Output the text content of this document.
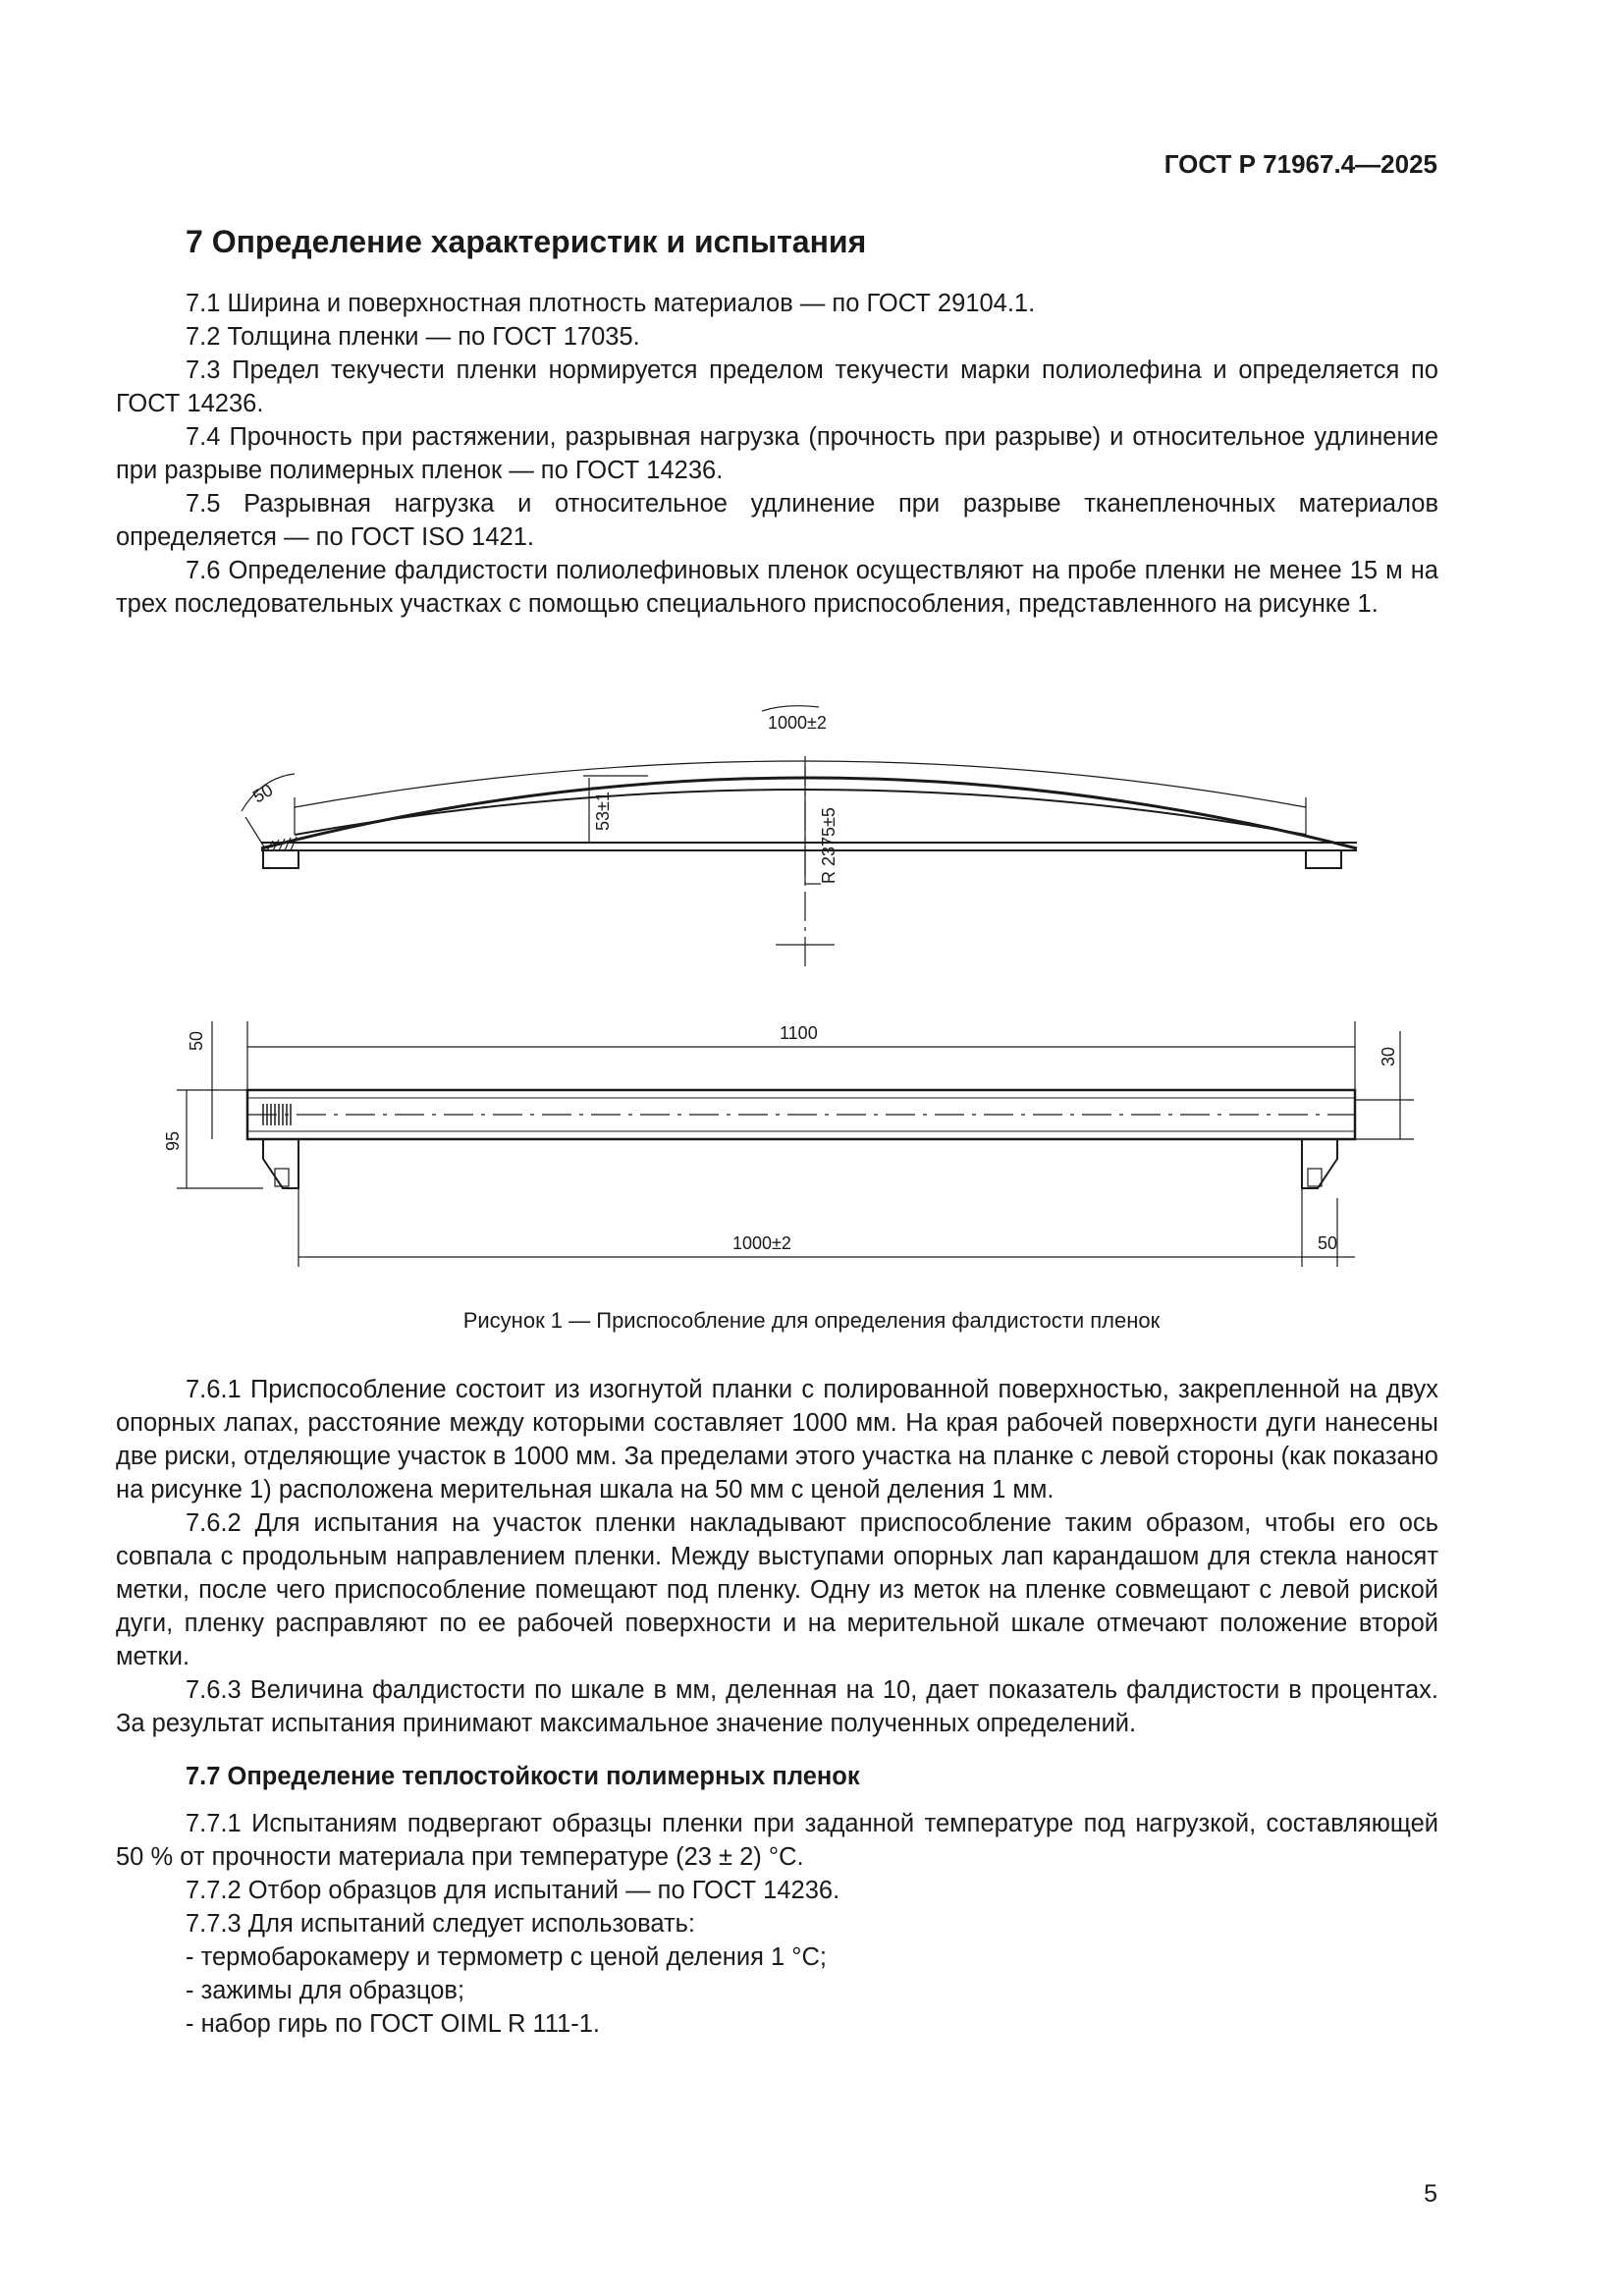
ГОСТ Р 71967.4—2025
7 Определение характеристик и испытания

7.1 Ширина и поверхностная плотность материалов — по ГОСТ 29104.1.

7.2 Толщина пленки — по ГОСТ 17035.

7.3 Предел текучести пленки нормируется пределом текучести марки полиолефина и определяется по ГОСТ 14236.

7.4 Прочность при растяжении, разрывная нагрузка (прочность при разрыве) и относительное удлинение при разрыве полимерных пленок — по ГОСТ 14236.

7.5 Разрывная нагрузка и относительное удлинение при разрыве тканепленочных материалов определяется — по ГОСТ ISO 1421.

7.6 Определение фалдистости полиолефиновых пленок осуществляют на пробе пленки не менее 15 м на трех последовательных участках с помощью специального приспособления, представленного на рисунке 1.

1000±2
50	53±1	R 2375±5
1100
50
30
95
1000±2	50
Рисунок 1 — Приспособление для определения фалдистости пленок

7.6.1 Приспособление состоит из изогнутой планки с полированной поверхностью, закрепленной на двух опорных лапах, расстояние между которыми составляет 1000 мм. На края рабочей поверхности дуги нанесены две риски, отделяющие участок в 1000 мм. За пределами этого участка на планке с левой стороны (как показано на рисунке 1) расположена мерительная шкала на 50 мм с ценой деления 1 мм.

7.6.2 Для испытания на участок пленки накладывают приспособление таким образом, чтобы его ось совпала с продольным направлением пленки. Между выступами опорных лап карандашом для стекла наносят метки, после чего приспособление помещают под пленку. Одну из меток на пленке совмещают с левой риской дуги, пленку расправляют по ее рабочей поверхности и на мерительной шкале отмечают положение второй метки.

7.6.3 Величина фалдистости по шкале в мм, деленная на 10, дает показатель фалдистости в процентах. За результат испытания принимают максимальное значение полученных определений.

7.7 Определение теплостойкости полимерных пленок

7.7.1 Испытаниям подвергают образцы пленки при заданной температуре под нагрузкой, составляющей 50 % от прочности материала при температуре (23 ± 2) °С.

7.7.2 Отбор образцов для испытаний — по ГОСТ 14236.

7.7.3 Для испытаний следует использовать:

- термобарокамеру и термометр с ценой деления 1 °С;

- зажимы для образцов;

- набор гирь по ГОСТ OIML R 111-1.

5
